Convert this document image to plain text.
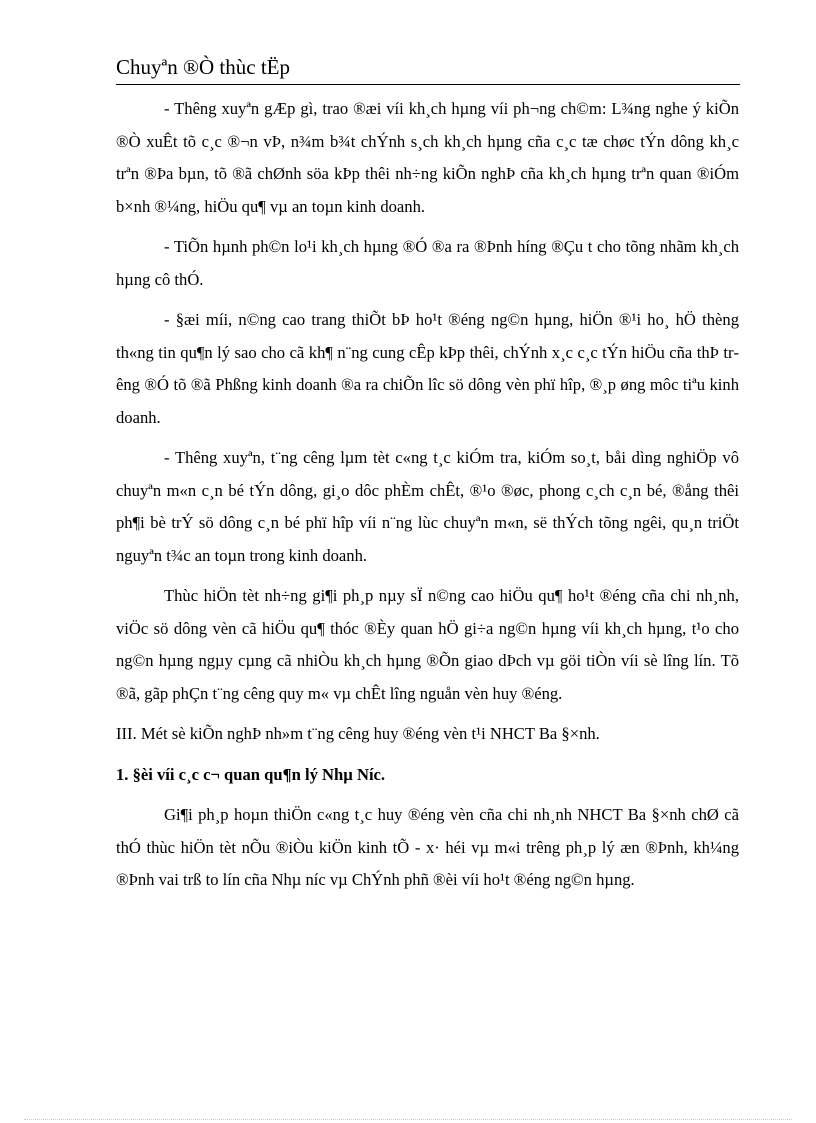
Chuyªn ®Ò thùc tËp

- Thêng xuyªn gÆp gì, trao ®æi víi kh¸ch hµng víi ph¬ng ch©m: L¾ng nghe ý kiÕn ®Ò xuÊt tõ c¸c ®¬n vÞ, n¾m b¾t chÝnh s¸ch kh¸ch hµng cña c¸c tæ chøc tÝn dông kh¸c trªn ®Þa bµn, tõ ®ã chØnh söa kÞp thêi nh÷ng kiÕn nghÞ cña kh¸ch hµng trªn quan ®iÓm b×nh ®¼ng, hiÖu qu¶ vµ an toµn kinh doanh.

- TiÕn hµnh ph©n lo¹i kh¸ch hµng ®Ó ®a ra ®Þnh híng ®Çu t cho tõng nhãm kh¸ch hµng cô thÓ.

- §æi míi, n©ng cao trang thiÕt bÞ ho¹t ®éng ng©n hµng, hiÖn ®¹i ho¸ hÖ thèng th«ng tin qu¶n lý sao cho cã kh¶ n¨ng cung cÊp kÞp thêi, chÝnh x¸c c¸c tÝn hiÖu cña thÞ trêng ®Ó tõ ®ã Phßng kinh doanh ®a ra chiÕn lîc sö dông vèn phï hîp, ®¸p øng môc tiªu kinh doanh.

- Thêng xuyªn, t¨ng cêng lµm tèt c«ng t¸c kiÓm tra, kiÓm so¸t, båi dìng nghiÖp vô chuyªn m«n c¸n bé tÝn dông, gi¸o dôc phÈm chÊt, ®¹o ®øc, phong c¸ch c¸n bé, ®ång thêi ph¶i bè trÝ sö dông c¸n bé phï hîp víi n¨ng lùc chuyªn m«n, së thÝch tõng ngêi, qu¸n triÖt nguyªn t¾c an toµn trong kinh doanh.

Thùc hiÖn tèt nh÷ng gi¶i ph¸p nµy sÏ n©ng cao hiÖu qu¶ ho¹t ®éng cña chi nh¸nh, viÖc sö dông vèn cã hiÖu qu¶ thóc ®Èy quan hÖ gi÷a ng©n hµng víi kh¸ch hµng, t¹o cho ng©n hµng ngµy cµng cã nhiÒu kh¸ch hµng ®Õn giao dÞch vµ göi tiÒn víi sè lîng lín. Tõ ®ã, gãp phÇn t¨ng cêng quy m« vµ chÊt lîng nguån vèn huy ®éng.

III. Mét sè kiÕn nghÞ nh»m t¨ng cêng huy ®éng vèn t¹i NHCT Ba §×nh.

1. §èi víi c¸c c¬ quan qu¶n lý Nhµ Níc.

Gi¶i ph¸p hoµn thiÖn c«ng t¸c huy ®éng vèn cña chi nh¸nh NHCT Ba §×nh chØ cã thÓ thùc hiÖn tèt nÕu ®iÒu kiÖn kinh tÕ - x· héi vµ m«i trêng ph¸p lý æn ®Þnh, kh¼ng ®Þnh vai trß to lín cña Nhµ níc vµ ChÝnh phñ ®èi víi ho¹t ®éng ng©n hµng.
